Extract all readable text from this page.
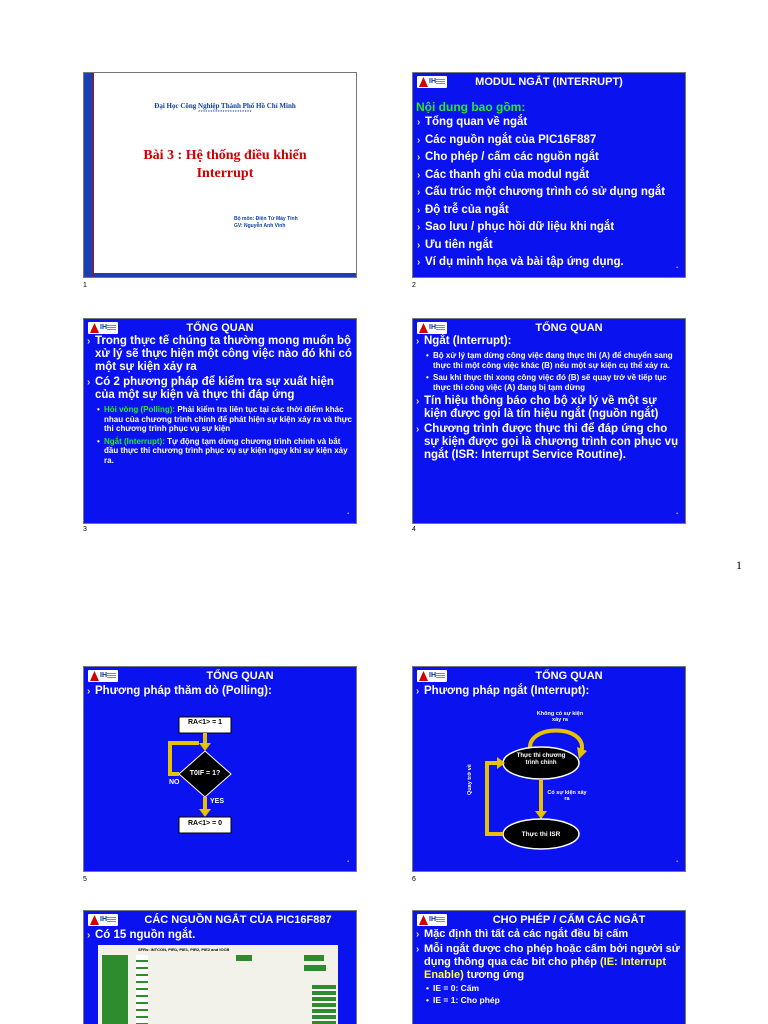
Đại Học Công Nghiệp Thành Phố Hồ Chí Minh
**********************
Bài 3 : Hệ thống điều khiển
Interrupt
Bộ môn: Điện Tử Máy Tính
GV: Nguyễn Anh Vinh
1
IH	MODUL NGẮT (INTERRUPT)
Nội dung bao gồm:
› Tổng quan về ngắt
› Các nguồn ngắt của PIC16F887
› Cho phép / cấm các nguồn ngắt
› Các thanh ghi của modul ngắt
› Cấu trúc một chương trình có sử dụng ngắt
› Độ trễ của ngắt
› Sao lưu / phục hồi dữ liệu khi ngắt
› Ưu tiên ngắt
› Ví dụ minh họa và bài tập ứng dụng.	•
2
IH	TỔNG QUAN
› Trong thực tế chúng ta thường mong muốn bộ xử lý sẽ thực hiện một công việc nào đó khi có một sự kiện xảy ra
› Có 2 phương pháp để kiểm tra sự xuất hiện của một sự kiện và thực thi đáp ứng
• Hỏi vòng (Polling): Phải kiểm tra liên tục tại các thời điểm khác nhau của chương trình chính để phát hiện sự kiện xảy ra và thực thi chương trình phục vụ sự kiện
• Ngắt (Interrupt): Tự động tạm dừng chương trình chính và bắt đầu thực thi chương trình phục vụ sự kiện ngay khi sự kiện xảy ra.
•
3
IH	TỔNG QUAN
› Ngắt (Interrupt):
• Bộ xử lý tạm dừng công việc đang thực thi (A) để chuyển sang thực thi một công việc khác (B) nếu một sự kiện cụ thể xảy ra.
• Sau khi thực thi xong công việc đó (B) sẽ quay trở về tiếp tục thực thi công việc (A) đang bị tạm dừng
› Tín hiệu thông báo cho bộ xử lý về một sự kiện được gọi là tín hiệu ngắt (nguồn ngắt)
› Chương trình được thực thi để đáp ứng cho sự kiện được gọi là chương trình con phục vụ ngắt (ISR: Interrupt Service Routine).
•
4
1
IH	TỔNG QUAN
› Phương pháp thăm dò (Polling):
RA<1> = 1
T0IF = 1?
NO
YES
RA<1> = 0
•
5
IH	TỔNG QUAN
› Phương pháp ngắt (Interrupt):
Không có sự kiện xảy ra
Thực thi chương trình chính
Có sự kiện xảy ra
Thực thi ISR
Quay trở về
•
6
IH	CÁC NGUỒN NGẮT CỦA PIC16F887
› Có 15 nguồn ngắt.
SFRs: INTCON, PIR1, PIE1, PIR2, PIE2 and IOCB
IH	CHO PHÉP / CẤM CÁC NGẮT
› Mặc định thì tất cả các ngắt đều bị cấm
› Mỗi ngắt được cho phép hoặc cấm bởi người sử dụng thông qua các bit cho phép (IE: Interrupt Enable) tương ứng
• IE = 0: Cấm
• IE = 1: Cho phép
